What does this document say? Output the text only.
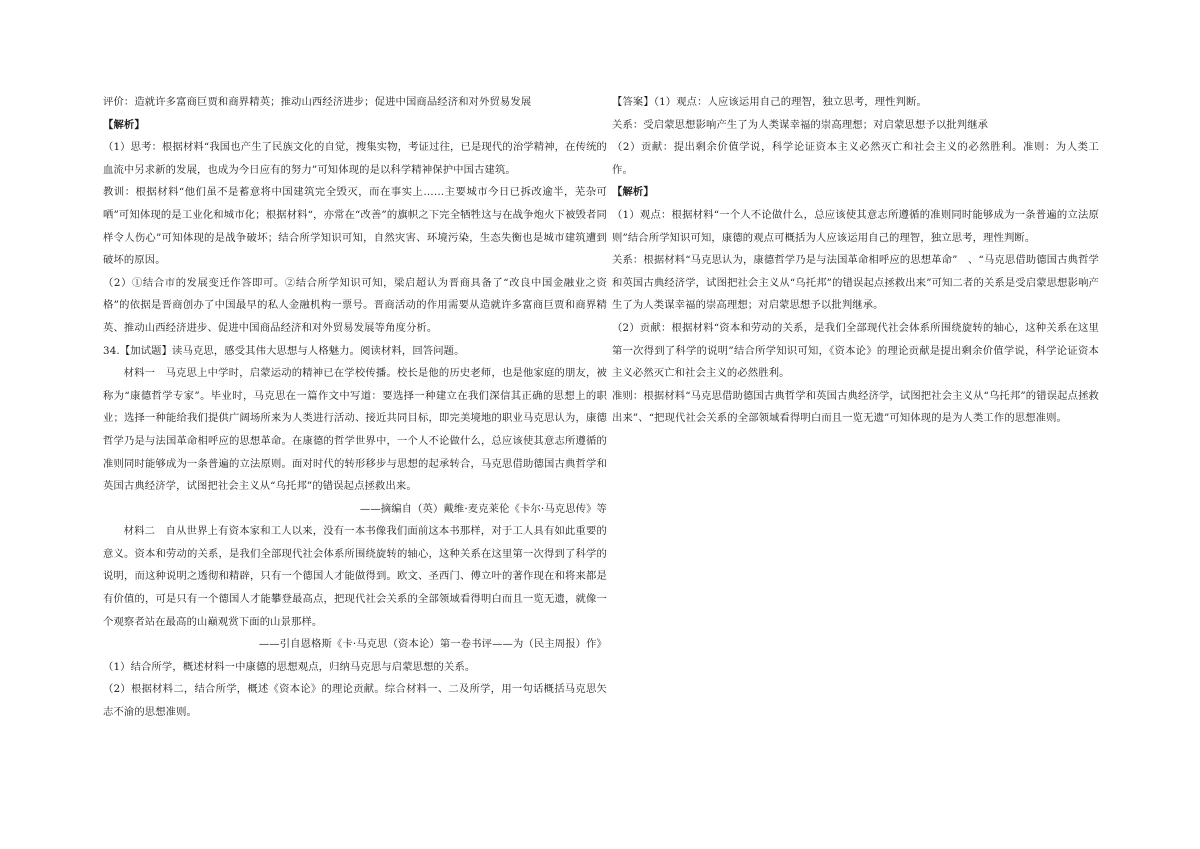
评价：造就许多富商巨贾和商界精英；推动山西经济进步；促进中国商品经济和对外贸易发展

【解析】

（1）思考：根据材料“我国也产生了民族文化的自觉，搜集实物，考证过往，已是现代的治学精神，在传统的血流中另求新的发展，也成为今日应有的努力”可知体现的是以科学精神保护中国古建筑。

教训：根据材料“他们虽不是蓄意将中国建筑完全毁灭，而在事实上……主要城市今日已拆改逾半，芜杂可哂”可知体现的是工业化和城市化；根据材料“，亦常在“改善”的旗帜之下完全牺牲这与在战争炮火下被毁者同样令人伤心”可知体现的是战争破坏；结合所学知识可知，自然灾害、环境污染，生态失衡也是城市建筑遭到破坏的原因。

（2）①结合市的发展变迁作答即可。②结合所学知识可知，梁启超认为晋商具备了“改良中国金融业之资格”的依据是晋商创办了中国最早的私人金融机构一票号。晋商活动的作用需要从造就许多富商巨贾和商界精英、推动山西经济进步、促进中国商品经济和对外贸易发展等角度分析。

34.【加试题】读马克思，感受其伟大思想与人格魅力。阅读材料，回答问题。

材料一　马克思上中学时，启蒙运动的精神已在学校传播。校长是他的历史老师，也是他家庭的朋友，被称为“康德哲学专家”。毕业时，马克思在一篇作文中写道：要选择一种建立在我们深信其正确的思想上的职业；选择一种能给我们提供广阔场所来为人类进行活动、接近共同目标，即完美境地的职业马克思认为，康德哲学乃是与法国革命相呼应的思想革命。在康德的哲学世界中，一个人不论做什么，总应该使其意志所遵循的准则同时能够成为一条普遍的立法原则。面对时代的转形移步与思想的起承转合，马克思借助德国古典哲学和英国古典经济学，试图把社会主义从“乌托邦”的错误起点拯救出来。

——摘编自（英）戴维·麦克莱伦《卡尔·马克思传》等

材料二　自从世界上有资本家和工人以来，没有一本书像我们面前这本书那样，对于工人具有如此重要的意义。资本和劳动的关系，是我们全部现代社会体系所围绕旋转的轴心，这种关系在这里第一次得到了科学的说明，而这种说明之透彻和精辟，只有一个德国人才能做得到。欧文、圣西门、傅立叶的著作现在和将来都是有价值的，可是只有一个德国人才能攀登最高点，把现代社会关系的全部领域看得明白而且一览无遗，就像一个观察者站在最高的山巅观赏下面的山景那样。

——引自恩格斯《卡·马克思（资本论）第一卷书评——为（民主周报）作》

（1）结合所学，概述材料一中康德的思想观点，归纳马克思与启蒙思想的关系。

（2）根据材料二，结合所学，概述《资本论》的理论贡献。综合材料一、二及所学，用一句话概括马克思矢志不渝的思想准则。

【答案】（1）观点：人应该运用自己的理智，独立思考，理性判断。

关系：受启蒙思想影响产生了为人类谋幸福的崇高理想；对启蒙思想予以批判继承

（2）贡献：提出剩余价值学说，科学论证资本主义必然灭亡和社会主义的必然胜利。准则：为人类工作。

【解析】

（1）观点：根据材料“一个人不论做什么，总应该使其意志所遵循的准则同时能够成为一条普遍的立法原则”结合所学知识可知，康德的观点可概括为人应该运用自己的理智，独立思考，理性判断。

关系：根据材料“马克思认为，康德哲学乃是与法国革命相呼应的思想革命”　、“马克思借助德国古典哲学和英国古典经济学，试图把社会主义从“乌托邦”的错误起点拯救出来”可知二者的关系是受启蒙思想影响产生了为人类谋幸福的崇高理想；对启蒙思想予以批判继承。

（2）贡献：根据材料“资本和劳动的关系，是我们全部现代社会体系所围绕旋转的轴心，这种关系在这里第一次得到了科学的说明”结合所学知识可知，《资本论》的理论贡献是提出剩余价值学说，科学论证资本主义必然灭亡和社会主义的必然胜利。

准则：根据材料“马克思借助德国古典哲学和英国古典经济学，试图把社会主义从“乌托邦”的错误起点拯救出来”、“把现代社会关系的全部领域看得明白而且一览无遗”可知体现的是为人类工作的思想准则。
